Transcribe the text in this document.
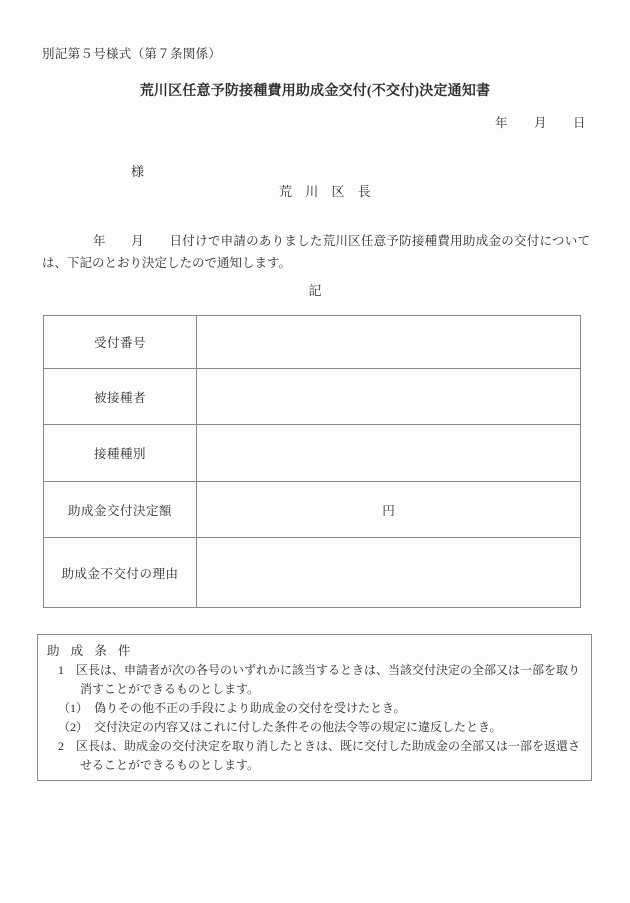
別記第５号様式（第７条関係）
荒川区任意予防接種費用助成金交付(不交付)決定通知書
年　　月　　日
様
荒 川 区 長
　　　　年　　月　　日付けで申請のありました荒川区任意予防接種費用助成金の交付については、下記のとおり決定したので通知します。
記
受付番号	
被接種者	
接種種別	
助成金交付決定額	円
助成金不交付の理由	
助 成 条 件
1　区長は、申請者が次の各号のいずれかに該当するときは、当該交付決定の全部又は一部を取り消すことができるものとします。
（1）　偽りその他不正の手段により助成金の交付を受けたとき。
（2）　交付決定の内容又はこれに付した条件その他法令等の規定に違反したとき。
2　区長は、助成金の交付決定を取り消したときは、既に交付した助成金の全部又は一部を返還させることができるものとします。
